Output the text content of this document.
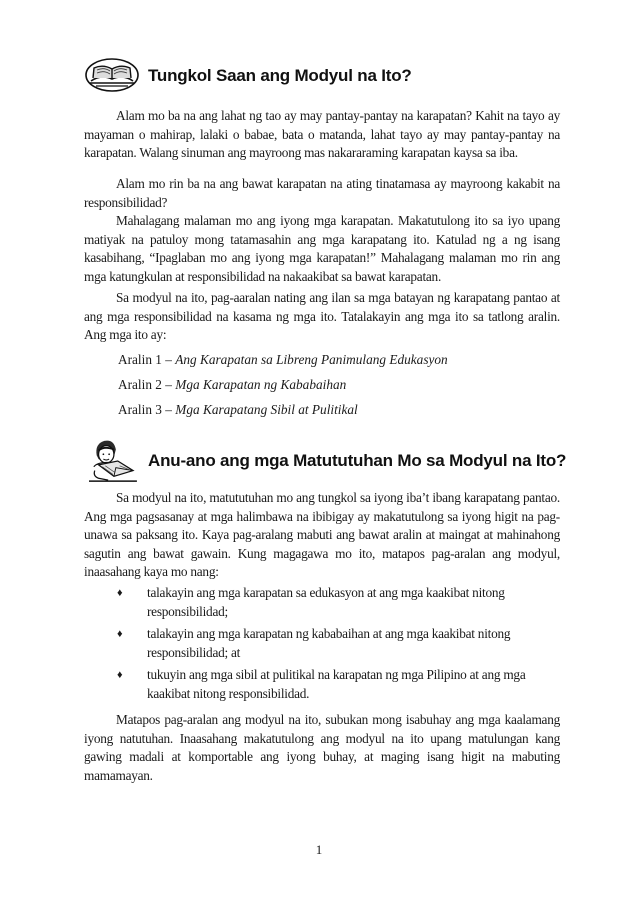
Tungkol Saan ang Modyul na Ito?

Alam mo ba na ang lahat ng tao ay may pantay-pantay na karapatan? Kahit na tayo ay mayaman o mahirap, lalaki o babae, bata o matanda, lahat tayo ay may pantay-pantay na karapatan. Walang sinuman ang mayroong mas nakararaming karapatan kaysa sa iba.

Alam mo rin ba na ang bawat karapatan na ating tinatamasa ay mayroong kakabit na responsibilidad?

Mahalagang malaman mo ang iyong mga karapatan. Makatutulong ito sa iyo upang matiyak na patuloy mong tatamasahin ang mga karapatang ito. Katulad ng a ng isang kasabihang, “Ipaglaban mo ang iyong mga karapatan!” Mahalagang malaman mo rin ang mga katungkulan at responsibilidad na nakaakibat sa bawat karapatan.

Sa modyul na ito, pag-aaralan nating ang ilan sa mga batayan ng karapatang pantao at ang mga responsibilidad na kasama ng mga ito. Tatalakayin ang mga ito sa tatlong aralin. Ang mga ito ay:

Aralin 1 – Ang Karapatan sa Libreng Panimulang Edukasyon
Aralin 2 – Mga Karapatan ng Kababaihan
Aralin 3 – Mga Karapatang Sibil at Pulitikal
Anu-ano ang mga Matututuhan Mo sa Modyul na Ito?

Sa modyul na ito, matututuhan mo ang tungkol sa iyong iba’t ibang karapatang pantao. Ang mga pagsasanay at mga halimbawa na ibibigay ay makatutulong sa iyong higit na pag-unawa sa paksang ito. Kaya pag-aralang mabuti ang bawat aralin at maingat at mahinahong sagutin ang bawat gawain. Kung magagawa mo ito, matapos pag-aralan ang modyul, inaasahang kaya mo nang:

♦ talakayin ang mga karapatan sa edukasyon at ang mga kaakibat nitong responsibilidad;

♦ talakayin ang mga karapatan ng kababaihan at ang mga kaakibat nitong responsibilidad; at

♦ tukuyin ang mga sibil at pulitikal na karapatan ng mga Pilipino at ang mga kaakibat nitong responsibilidad.

Matapos pag-aralan ang modyul na ito, subukan mong isabuhay ang mga kaalamang iyong natutuhan. Inaasahang makatutulong ang modyul na ito upang matulungan kang gawing madali at komportable ang iyong buhay, at maging isang higit na mabuting mamamayan.

1
